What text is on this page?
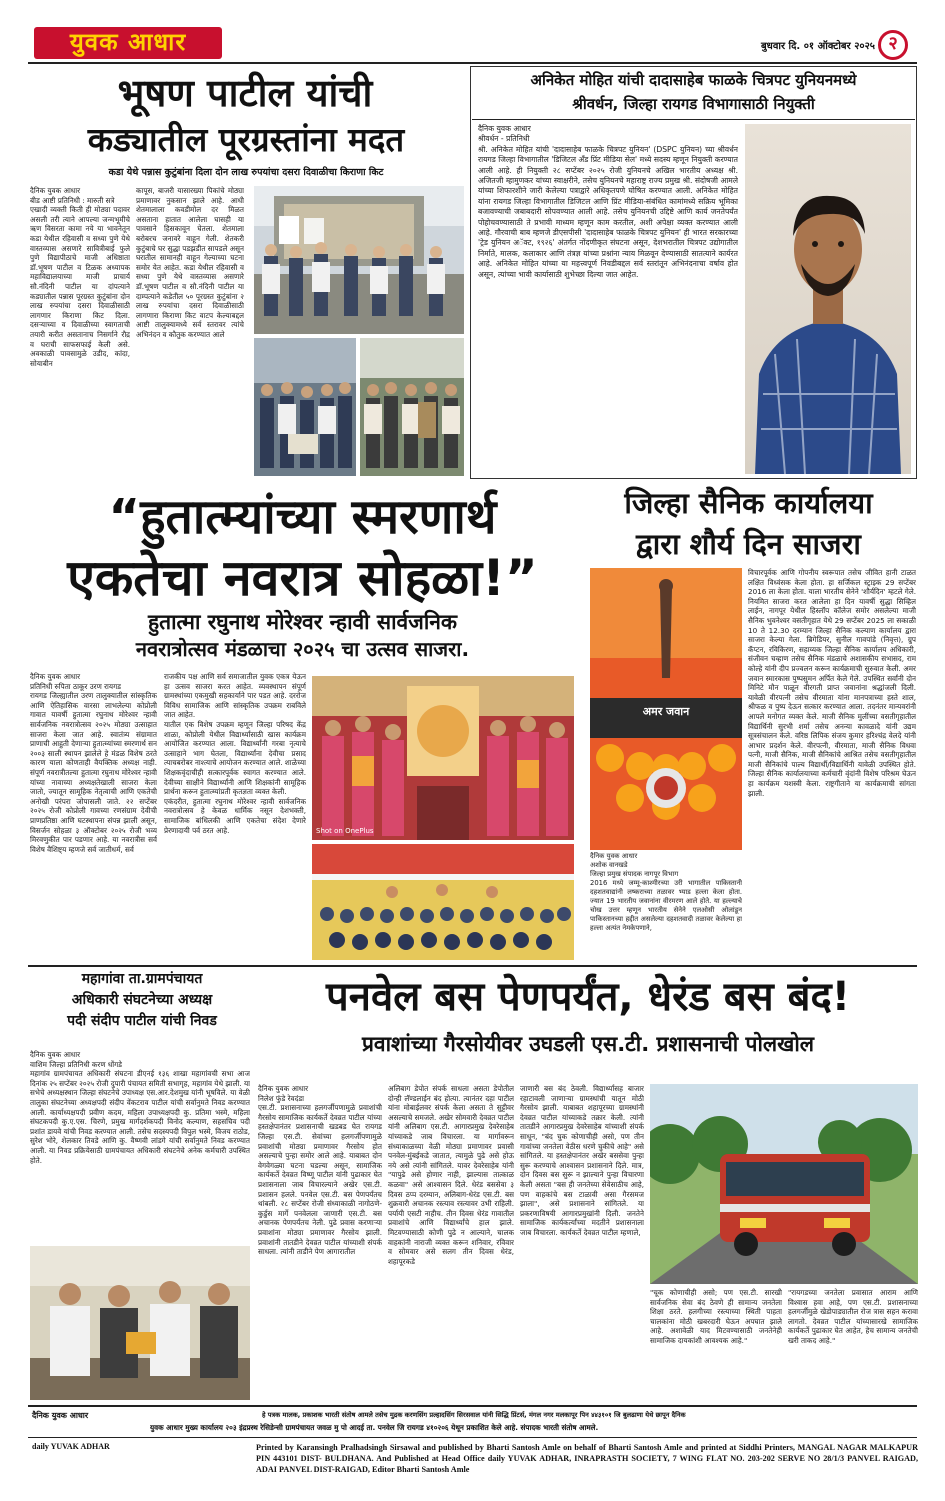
युवक आधार	बुधवार दि. ०१ ऑक्टोबर २०२५ २
भूषण पाटील यांची
कड्यातील पूरग्रस्तांना मदत
कडा येथे पन्नास कुटुंबांना दिला दोन लाख रुपयांचा दसरा दिवाळीचा किराणा किट
दैनिक युवक आधार
बीड आष्टी प्रतिनिधी : मारुती सत्रे
एखादी व्यक्ती किती ही मोठ्या पदावर असली तरी त्याने आपल्या जन्मभूमीचे ऋण विसरता कामा नये या भावनेतून कडा येथील रहिवासी व सध्या पुणे येथे वास्तव्यास असणारे सावित्रीबाई फुले पुणे विद्यापीठाचे माजी अधिष्ठाता डॉ.भूषण पाटील व टिळक अध्यापक महाविद्यालयाच्या माजी प्राचार्य सौ.नंदिनी पाटील या दांपत्याने कड्यातील पन्नास पूरग्रस्त कुटुंबांना दोन लाख रुपयांचा दसरा दिवाळीसाठी लागणार किराणा किट दिला. दसऱ्याच्या व दिवाळीच्या स्वागताची तयारी करीत असतानाच निसर्गाने रौद्र व घराची साफसफाई केली असे. अवकाळी पावसामुळे उडीद, कांदा, सोयाबीन
कापूस, बाजरी यासारख्या पिकांचे मोठ्या प्रमाणावर नुकसान झाले आहे. आधी शेतमालाला कवडीमोल दर मिळत असताना हातात आलेला घासही या पावसाने हिसकावून घेतला. शेतमाला बरोबरच जनावरे वाहून गेली. शेतकरी कुटुंबाचे घर सुद्धा पडझडीत सापडले असून घरातील सामानही वाहून गेल्याच्या घटना समोर येत आहेत. कडा येथील रहिवासी व सध्या पुणे येथे वास्तव्यास असणारे डॉ.भूषण पाटील व सौ.नंदिनी पाटील या दाम्पत्याने कडेतील ५० पूरग्रस्त कुटुंबांना २ लाख रुपयांचा दसरा दिवाळीसाठी लागणारा किराणा किट वाटप केल्याबद्दल आष्टी तालुक्यामध्ये सर्व स्तरावर त्यांचे अभिनंदन व कौतुक करण्यात आले
अनिकेत मोहित यांची दादासाहेब फाळके चित्रपट युनियनमध्ये
श्रीवर्धन, जिल्हा रायगड विभागासाठी नियुक्ती
दैनिक युवक आधार
श्रीवर्धन - प्रतिनिधी
श्री. अनिकेत मोहित यांची 'दादासाहेब फाळके चित्रपट युनियन' (DSPC युनियन) च्या श्रीवर्धन रायगड जिल्हा विभागातील 'डिजिटल अँड प्रिंट मीडिया सेल' मध्ये सदस्य म्हणून नियुक्ती करण्यात आली आहे. ही नियुक्ती २८ सप्टेंबर २०२५ रोजी युनियनचे अखिल भारतीय अध्यक्ष श्री. अजितजी म्हामुणकर यांच्या स्वाक्षरीने, तसेच युनियनचे महाराष्ट्र राज्य प्रमुख श्री. संदोषजी आमले यांच्या शिफारशीने जारी केलेल्या पत्राद्वारे अधिकृतपणे घोषित करण्यात आली. अनिकेत मोहित यांना रायगड जिल्हा विभागातील डिजिटल आणि प्रिंट मीडिया-संबंधित कामांमध्ये सक्रिय भूमिका बजावण्याची जबाबदारी सोपवण्यात आली आहे. तसेच युनियनची उद्दिष्टे आणि कार्य जनतेपर्यंत पोहोचवण्यासाठी ते प्रभावी माध्यम म्हणून काम करतील, अशी अपेक्षा व्यक्त करण्यात आली आहे. गौरवाची बाब म्हणजे डीएसपीसी 'दादासाहेब फाळके चित्रपट युनियन' ही भारत सरकारच्या 'ट्रेड युनियन अॅक्ट, १९२६' अंतर्गत नोंदणीकृत संघटना असून, देशभरातील चित्रपट उद्योगातील निर्माते, मालक, कलाकार आणि तंत्रज्ञ यांच्या प्रश्नांना न्याय मिळवून देण्यासाठी सातत्याने कार्यरत आहे. अनिकेत मोहित यांच्या या महत्त्वपूर्ण निवडीबद्दल सर्व स्तरांतून अभिनंदनाचा वर्षाव होत असून, त्यांच्या भावी कार्यासाठी शुभेच्छा दिल्या जात आहेत.
“हुतात्म्यांच्या स्मरणार्थ
एकतेचा नवरात्र सोहळा!”
हुतात्मा रघुनाथ मोरेश्वर न्हावी सार्वजनिक
नवरात्रोत्सव मंडळाचा २०२५ चा उत्सव साजरा.
दैनिक युवक आधार
प्रतिनिधी रुपिता ठाकूर उरण रायगड
रायगड जिल्ह्यातील उरण तालुक्यातील सांस्कृतिक आणि ऐतिहासिक वारसा लाभलेल्या कोप्रोली गावात यावर्षी हुतात्मा रघुनाथ मोरेश्वर न्हावी सार्वजनिक नवरात्रोत्सव २०२५ मोठ्या उत्साहात साजरा केला जात आहे. स्वातंत्र्य संग्रामात प्राणाची आहुती देणाऱ्या हुतात्म्यांच्या स्मरणार्थ सन २००३ साली स्थापन झालेले हे मंडळ विशेष ठरते कारण याला कोणताही वैयक्तिक अध्यक्ष नाही. संपूर्ण नवरात्रीतल्या हुतात्मा रघुनाथ मोरेश्वर न्हावी यांच्या नावाच्या अध्यक्षतेखाली साजरा केला जातो, ज्यातून सामूहिक नेतृत्वाची आणि एकतेची अनोखी परंपरा जोपासली जाते. २२ सप्टेंबर २०२५ रोजी कोप्रोली गावच्या रणसंग्राम देवीची प्राणप्रतिष्ठा आणि घटस्थापना संपन्न झाली असून, विसर्जन सोहळा ३ ऑक्टोबर २०२५ रोजी भव्य मिरवणुकीत पार पडणार आहे. या नवरात्रीस सर्व विशेष वैशिष्ट्य म्हणजे सर्व जातीधर्म, सर्व
राजकीय पक्ष आणि सर्व समाजातील युवक एकत्र येऊन हा उत्सव साजरा करत आहेत. व्यवस्थापन संपूर्ण ग्रामस्थांच्या एकमुखी सहकार्याने पार पडत आहे. दररोज विविध सामाजिक आणि सांस्कृतिक उपक्रम राबविले जात आहेत.
यातील एक विशेष उपक्रम म्हणून जिल्हा परिषद केंद्र शाळा, कोप्रोली येथील विद्यार्थ्यांसाठी खास कार्यक्रम आयोजित करण्यात आला. विद्यार्थ्यांनी गरबा नृत्याचे उत्साहाने भाग घेतला, विद्यार्थ्यांना देवीचा प्रसाद त्याचबरोबर नाश्त्याचे आयोजन करण्यात आले. शाळेच्या शिक्षकवृंदाचीही सत्कारपूर्वक स्वागत करण्यात आले. देवीच्या साक्षीने विद्यार्थ्यांनी आणि शिक्षकांनी सामूहिक प्रार्थना करून हुतात्म्यांप्रती कृतज्ञता व्यक्त केली.
एकंदरीत, हुतात्मा रघुनाथ मोरेश्वर न्हावी सार्वजनिक नवरात्रोत्सव हे केवळ धार्मिक नसून देशभक्ती, सामाजिक बांधिलकी आणि एकतेचा संदेश देणारे प्रेरणादायी पर्व ठरत आहे.	Shot on OnePlus
जिल्हा सैनिक कार्यालया
द्वारा शौर्य दिन साजरा
अमर जवान
दैनिक युवक आधार
अशोक वानखडे
जिल्हा प्रमुख संपादक नागपूर विभाग
2016 मध्ये जम्मू-काश्मीरच्या उरी भागातील पाकिस्तानी दहशतवाद्यांनी लष्कराच्या तळावर भ्याड हल्ला केला होता. ज्यात 19 भारतीय जवानांना वीरमरण आले होते. या हल्ल्याचे चोख उत्तर म्हणून भारतीय सेनेने एलओसी ओलांडून पाकिस्तानच्या हद्दीत असलेल्या दहशतवादी तळावर केलेल्या हा हल्ला अत्यंत नेमकेपणाने,
विचारपूर्वक आणि गोपनीय स्वरूपात तसेच जीवित हानी टाळत लक्षित विध्वंसक केला होता. हा सर्जिकल स्ट्राइक 29 सप्टेंबर 2016 ला केला होता. याला भारतीय सेनेने 'शौर्यदिन' म्हटले गेले. नियमित साजरा करत आलेला हा दिन यावर्षी सुद्धा सिव्हिल लाईन, नागपूर येथील हिस्लॉप कॉलेज समोर असलेल्या माजी सैनिक भुवनेश्वर वसतीगृहात येथे 29 सप्टेंबर 2025 ला सकाळी 10 ते 12.30 दरम्यान जिल्हा सैनिक कल्याण कार्यालय द्वारा साजरा केल्या गेला. ब्रिगेडियर, सुनील गावपांडे (निवृत्त), ग्रुप कॅप्टन, रविकिरण, सहाय्यक जिल्हा सैनिक कार्यालय अधिकारी, संजीवन चव्हाण तसेच सैनिक मंडळाचे अशासकीय सभासद, राम कोल्हे यांनी दीप प्रज्वलन करून कार्यक्रमाची सुरुवात केली. अमर जवान स्मारकास पुष्पसुमन अर्पित केले गेले. उपस्थित सर्वांनी दोन मिनिटे मौन पाळून वीरगती प्राप्त जवानांना श्रद्धांजली दिली. यावेळी वीरपत्नी तसेच वीरमाता यांना मानपत्राच्या हस्ते शाल, श्रीफळ व पुष्प देऊन सत्कार करण्यात आला. तदनंतर मान्यवरांनी आपले मनोगत व्यक्त केले. माजी सैनिक मुलींच्या वसतीगृहातील विद्यार्थिनी सुरभी शर्मा तसेच अनन्या कावळादे यांनी उद्यम सूत्रसंचालन केले. वरिष्ठ लिपिक संजय कुमार हरिश्चंद्र वेलदे यांनी आभार प्रदर्शन केले. वीरपत्नी, वीरमाता, माजी सैनिक विधवा पत्नी, माजी सैनिक, माजी सैनिकांचे आश्रित तसेच वसतीगृहातील माजी सैनिकांचे पाल्य विद्यार्थी/विद्यार्थिनी यावेळी उपस्थित होते. जिल्हा सैनिक कार्यालयाच्या कर्मचारी वृंदांनी विशेष परिश्रम घेऊन हा कार्यक्रम यशस्वी केला. राष्ट्रगीताने या कार्यक्रमाची सांगता झाली.
महागांवा ता.ग्रामपंचायत
अधिकारी संघटनेच्या अध्यक्ष
पदी संदीप पाटील यांची निवड
दैनिक युवक आधार
वाशिम जिल्हा प्रतिनिधी करण धोंगडे
महागांव ग्रामपंचायत अधिकारी संघटना डीएनई १३६ शाखा महागांवची सभा आज दिनांक २५ सप्टेंबर २०२५ रोजी दुपारी पंचायत समिती सभागृह, महागांव येथे झाली. या सभेचे अध्यक्षस्थान जिल्हा संघटनेचे उपाध्यक्ष एस.आर.देशमुख यांनी भूषविले. या वेळी तालुका संघटनेच्या अध्यक्षपदी संदीप वेंकटराव पाटील यांची सर्वानुमते निवड करण्यात आली. कार्याध्यक्षपदी प्रवीण कदम, महिला उपाध्यक्षपदी कु. प्रतिमा भस्मे, महिला संघटकपदी कु.ए.एस. चिरणे, प्रमुख मार्गदर्शकपदी विनोद कल्याण, सहसचिव पदी प्रशांत डायवे यांची निवड करण्यात आली. तसेच सदस्यपदी विपुल भस्मे, विजय राठोड, सुरेश भोरे, शेलकार तिवडे आणि कु. वैष्णवी लांडगे यांची सर्वानुमते निवड करण्यात आली. या निवड प्रक्रियेसाठी ग्रामपंचायत अधिकारी संघटनेचे अनेक कर्मचारी उपस्थित होते.
पनवेल बस पेणपर्यंत, धेरंड बस बंद!
प्रवाशांच्या गैरसोयीवर उघडली एस.टी. प्रशासनाची पोलखोल
दैनिक युवक आधार
निलेश फुंडे रेवदंडा
एस.टी. प्रशासनाच्या हलगर्जीपणामुळे प्रवाशांची गैरसोय सामाजिक कार्यकर्ते देवव्रत पाटील यांच्या हस्तक्षेपानंतर प्रशासनाची खडबड घेत रायगड जिल्हा एस.टी. सेवांच्या हलगर्जीपणामुळे प्रवाशांची मोठ्या प्रमाणावर गैरसोय होत असल्याचे पुन्हा समोर आले आहे. याबाबत दोन वेगवेगळ्या घटना घडल्या असून, सामाजिक कार्यकर्ते देवव्रत विष्णू पाटील यांनी पुढाकार घेत प्रशासनाला जाब विचारल्याने अखेर एस.टी. प्रशासन हलले. पनवेल एस.टी. बस पेणपर्यंतच थांबली. २८ सप्टेंबर रोजी संध्याकाळी नागोठणे-कुर्डुस मार्गे पनवेलला जाणारी एस.टी. बस अचानक पेणपर्यंतच नेली. पुढे प्रवास करणाऱ्या प्रवाशांना मोठ्या प्रमाणावर गैरसोय झाली. प्रवाशांनी तातडीने देवव्रत पाटील यांच्याशी संपर्क साधला. त्यांनी ताडीने पेण आगारातील
अलिबाग डेपोत संपर्क साधला असता डेपोतील दोन्ही लॅण्डलाईन बंद होत्या. त्यानंतर दहा पाटील यांना मोबाईलवर संपर्क केला असता ते सुट्टीवर असल्याचे समजले. अखेर सोमवारी देवव्रत पाटील यांनी अलिबाग एस.टी. आगारप्रमुख देवरेसाहेब यांच्याकडे जाब विचारला. या मार्गावरून संध्याकाळच्या वेळी मोठ्या प्रमाणावर प्रवासी पनवेल-मुंबईकडे जातात, त्यामुळे पुढे असे होऊ नये असे त्यांनी सांगितले. यावर देवरेसाहेब यांनी "यापुढे असे होणार नाही, झाल्यास तात्काळ कळवा" असे आश्वासन दिले. धेरंड बससेवा ३ दिवस ठप्प दरम्यान, अलिबाग-धेरंड एस.टी. बस शुक्रवारी अचानक रस्त्याव रस्त्यावर उभी राहिली. पर्यायी एसटी नाहीच. तीन दिवस धेरंड गावातील प्रवाशांचे आणि विद्यार्थ्यांचे हाल झाले. मिटवण्यासाठी कोणी पुढे न आल्याने, चालक वाहकांनी नाराजी व्यक्त करून शनिवार, रविवार व सोमवार असे सलग तीन दिवस धेरंड, शहापूरकडे
जाणारी बस बंद ठेवली. विद्यार्थ्यांसह बाजार रहाटावली जाणाऱ्या ग्रामस्थांची यातून मोठी गैरसोय झाली. याबाबत शहापूरच्या ग्रामस्थांनी देवव्रत पाटील यांच्याकडे तक्रार केली. त्यांनी तातडीने आगारप्रमुख देवरेसाहेब यांच्याशी संपर्क साधून, "बंद चुक कोणाचीही असो, पण तीन गावांच्या जनतेला वेठीस धरणे चुकीचे आहे" असे सांगितले. या हस्तक्षेपानंतर अखेर बससेवा पुन्हा सुरू करण्याचे आश्वासन प्रशासनाने दिले. मात्र, दोन दिवस बस सुरू न झाल्याने पुन्हा विचारणा केली असता "बस ही जनतेच्या सेवेसाठीच आहे, पण वाहकांचे बस टाळावी असा गैरसमज झाला", असे प्रशासनाने सांगितले. या प्रकरणाविषयी आगारप्रमुखांनी दिली. जनतेने सामाजिक कार्यकर्त्यांच्या मदतीने प्रशासनाला जाब विचारला. कार्यकर्ते देवव्रत पाटील म्हणाले,
"चूक कोणाचीही असो; पण एस.टी. सारखी सार्वजनिक सेवा बंद ठेवणे ही सामान्य जनतेला शिक्षा ठरते. हलगीच्या रस्त्याच्या स्थिती पाहता चालकांना मोठी खबरदारी घेऊन अपघात झाले आहे. अशावेळी याद मिटवण्यासाठी जनतेनेही सामाजिक दायकांशी आवश्यक आहे."
"रायगडच्या जनतेला प्रवासात आराम आणि विश्वास हवा आहे, पण एस.टी. प्रशासनाच्या हलगर्जीमुळे खेडोपाड्यातील रोज त्रास सहन करावा लागतो. देवव्रत पाटील यांच्यासारखे सामाजिक कार्यकर्ते पुढाकार घेत आहेत, हेच सामान्य जनतेची खरी ताकद आहे."
दैनिक युवक आधार	हे पत्रक मालक, प्रकाशक भारती संतोष आमले तसेच मुद्रक करणसिंग प्रल्हादसिंग सिरसवाल यांनी सिद्धि प्रिंटर्स, मंगल नगर मलकापूर पिन ४४३१०१ जि बुलढाणा येथे छापून दैनिक
युवक आधार मुख्य कार्यालय २०३ इंद्रप्रस्थ रेसिडेन्सी ग्रामपंचायत जवळ मु पो आदई ता. पनवेल जि रायगड ४१०२०६ येथून प्रकाशित केले आहे. संपादक भारती संतोष आमले.
daily YUVAK ADHAR	Printed by Karansingh Pralhadsingh Sirsawal and published by Bharti Santosh Amle on behalf of Bharti Santosh Amle and printed at Siddhi Printers, MANGAL NAGAR MALKAPUR PIN 443101 DIST- BULDHANA. And Published at Head Office daily YUVAK ADHAR, INRAPRASTH SOCIETY, 7 WING FLAT NO. 203-202 SERVE NO 28/1/3 PANVEL RAIGAD, ADAI PANVEL DIST-RAIGAD, Editor Bharti Santosh Amle
